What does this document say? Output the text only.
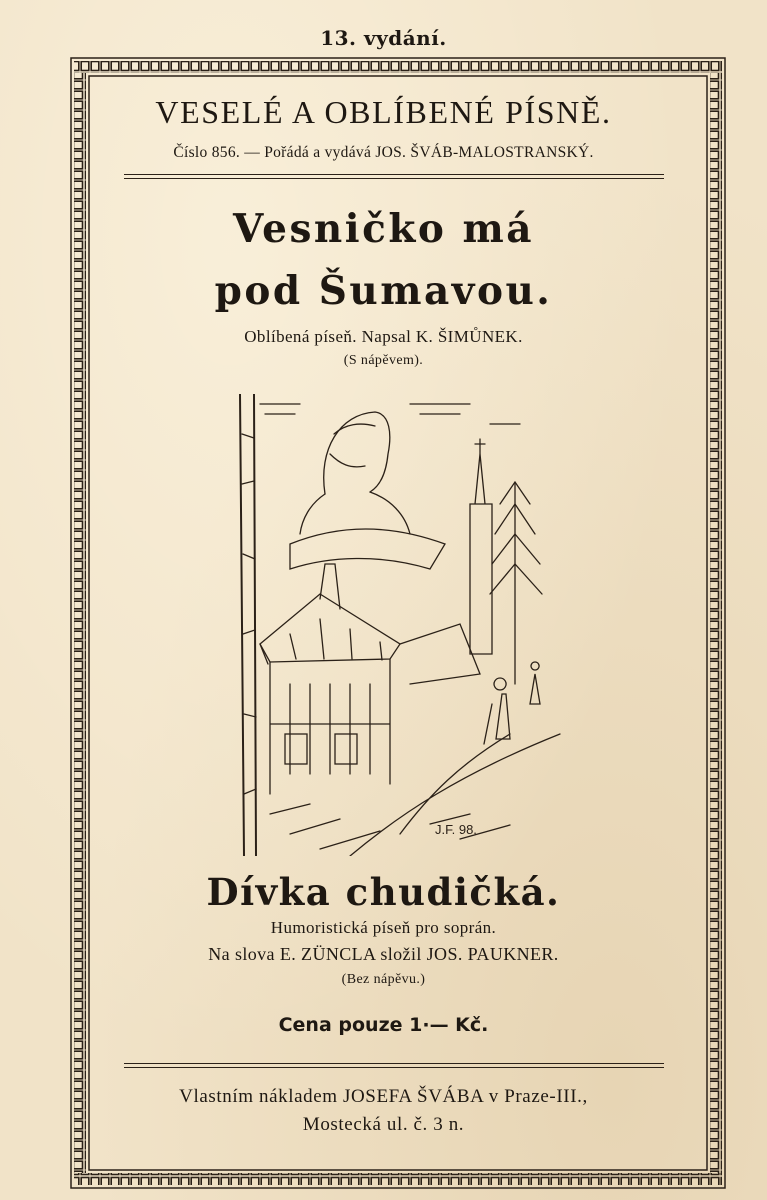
13. vydání.
VESELÉ A OBLÍBENÉ PÍSNĚ.
Číslo 856. — Pořádá a vydává JOS. ŠVÁB-MALOSTRANSKÝ.
Vesničko má
pod Šumavou.
Oblíbená píseň. Napsal K. ŠIMŮNEK.
(S nápěvem).
J.F. 98.
Dívka chudičká.
Humoristická píseň pro soprán.
Na slova E. ZÜNCLA složil JOS. PAUKNER.
(Bez nápěvu.)
Cena pouze 1·— Kč.
Vlastním nákladem JOSEFA ŠVÁBA v Praze-III.,
Mostecká ul. č. 3 n.
